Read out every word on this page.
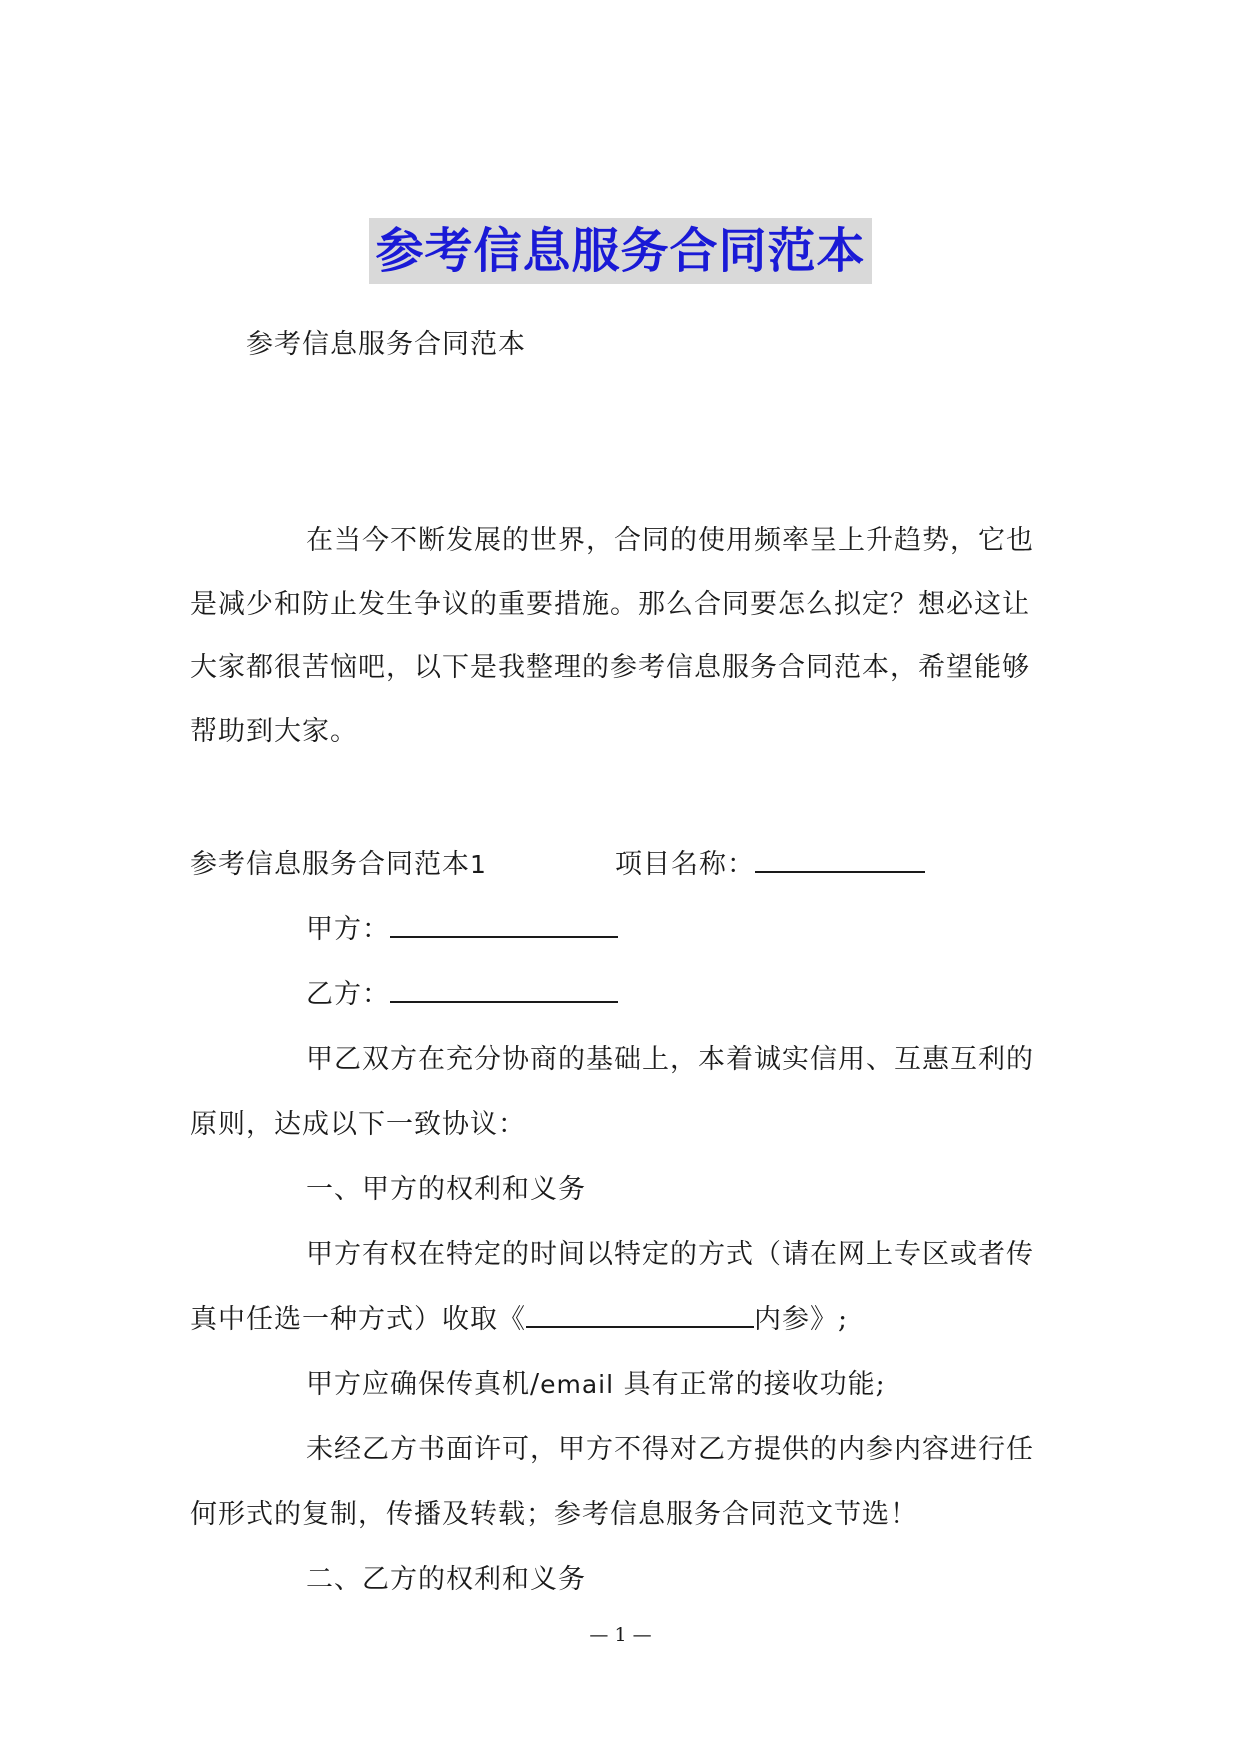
参考信息服务合同范本
参考信息服务合同范本
在当今不断发展的世界，合同的使用频率呈上升趋势，它也
是减少和防止发生争议的重要措施。那么合同要怎么拟定？想必这让
大家都很苦恼吧，以下是我整理的参考信息服务合同范本，希望能够
帮助到大家。
参考信息服务合同范本1	项目名称：
甲方：
乙方：
甲乙双方在充分协商的基础上，本着诚实信用、互惠互利的
原则，达成以下一致协议：
一、甲方的权利和义务
甲方有权在特定的时间以特定的方式（请在网上专区或者传
真中任选一种方式）收取《	内参》;
甲方应确保传真机/email 具有正常的接收功能;
未经乙方书面许可，甲方不得对乙方提供的内参内容进行任
何形式的复制，传播及转载；参考信息服务合同范文节选！
二、乙方的权利和义务
— 1 —
